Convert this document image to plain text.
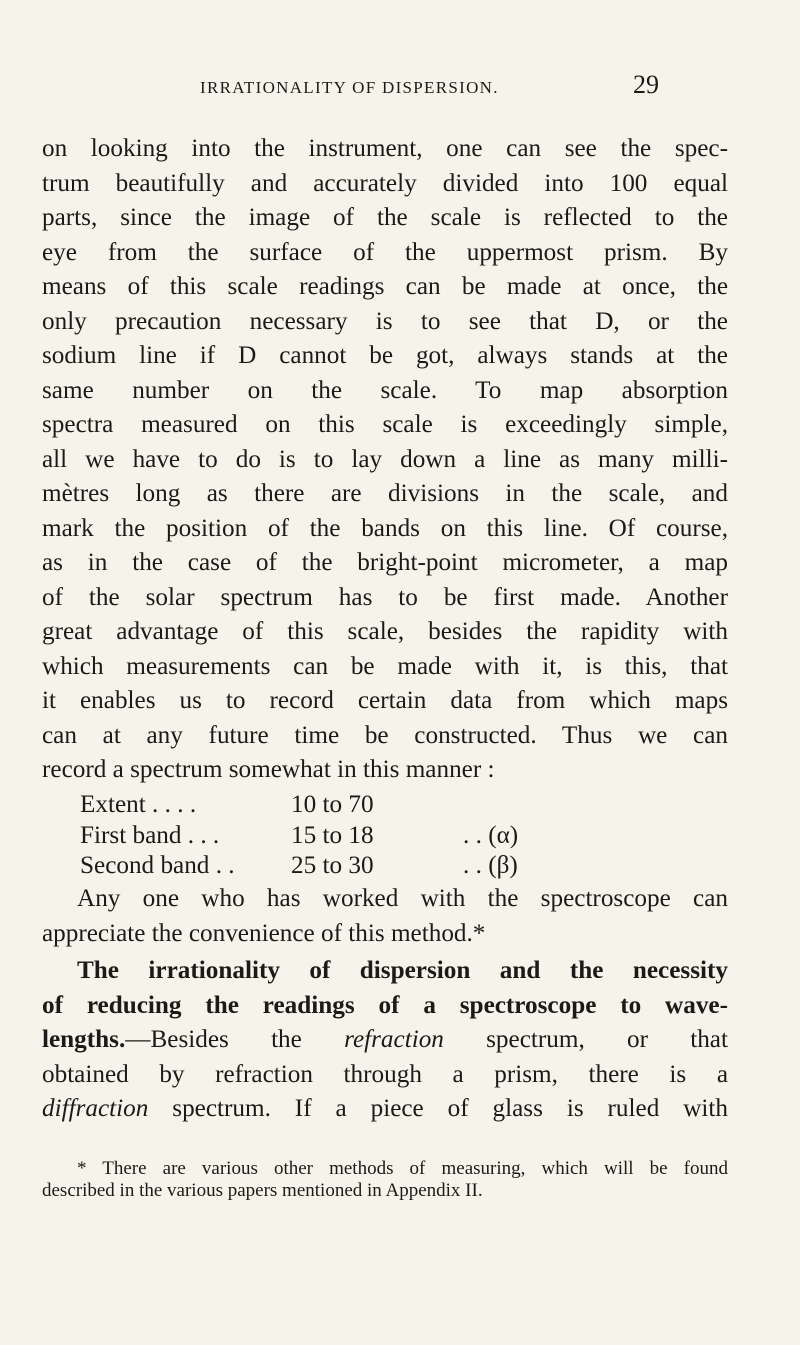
IRRATIONALITY OF DISPERSION.	29
on looking into the instrument, one can see the spec-
trum beautifully and accurately divided into 100 equal
parts, since the image of the scale is reflected to the
eye from the surface of the uppermost prism. By
means of this scale readings can be made at once, the
only precaution necessary is to see that D, or the
sodium line if D cannot be got, always stands at the
same number on the scale. To map absorption
spectra measured on this scale is exceedingly simple,
all we have to do is to lay down a line as many milli-
mètres long as there are divisions in the scale, and
mark the position of the bands on this line. Of course,
as in the case of the bright-point micrometer, a map
of the solar spectrum has to be first made. Another
great advantage of this scale, besides the rapidity with
which measurements can be made with it, is this, that
it enables us to record certain data from which maps
can at any future time be constructed. Thus we can
record a spectrum somewhat in this manner :
Extent . . . .	10 to 70
First band . . .	15 to 18	. . (α)
Second band . . 25 to 30	. . (β)
Any one who has worked with the spectroscope can
appreciate the convenience of this method.*
The irrationality of dispersion and the necessity
of reducing the readings of a spectroscope to wave-
lengths.—Besides the refraction spectrum, or that
obtained by refraction through a prism, there is a
diffraction spectrum. If a piece of glass is ruled with
* There are various other methods of measuring, which will be found
described in the various papers mentioned in Appendix II.
